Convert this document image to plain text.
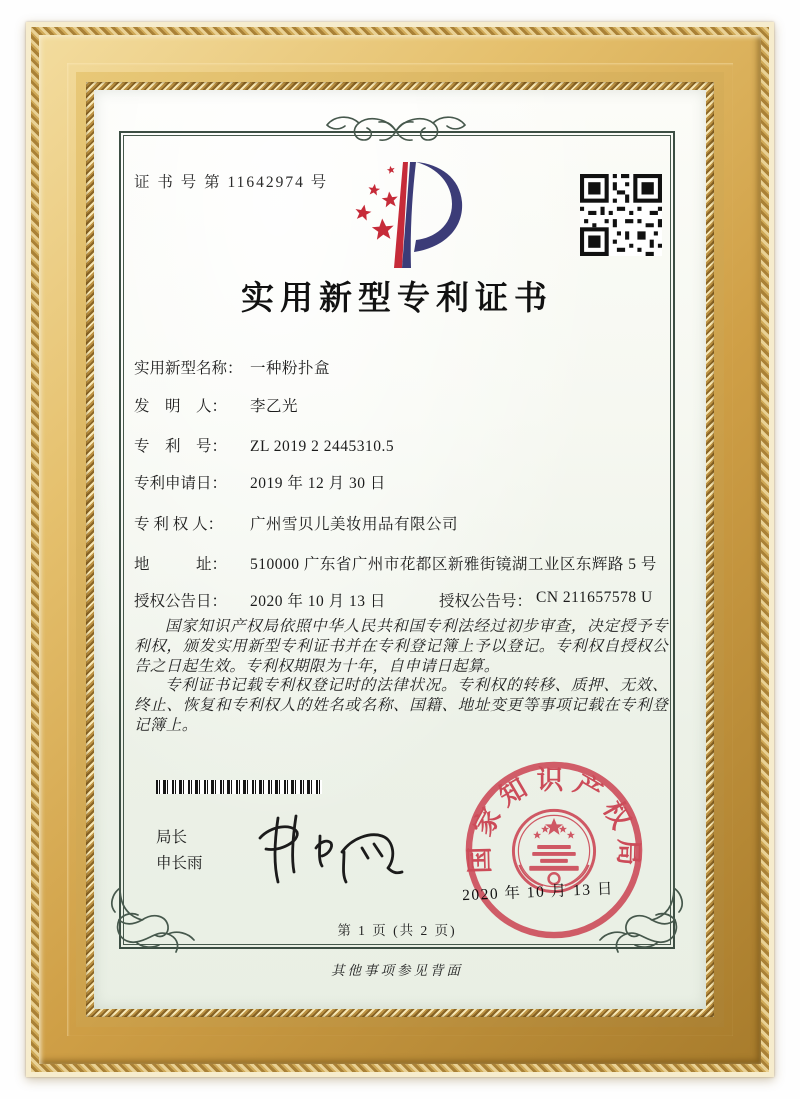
证 书 号 第 11642974 号
实用新型专利证书
实用新型名称： 一种粉扑盒
发　明　人： 李乙光
专　利　号： ZL 2019 2 2445310.5
专利申请日： 2019 年 12 月 30 日
专 利 权 人： 广州雪贝儿美妆用品有限公司
地　　　址： 510000 广东省广州市花都区新雅街镜湖工业区东辉路 5 号
授权公告日： 2020 年 10 月 13 日	授权公告号： CN 211657578 U

国家知识产权局依照中华人民共和国专利法经过初步审查，决定授予专利权，颁发实用新型专利证书并在专利登记簿上予以登记。专利权自授权公告之日起生效。专利权期限为十年，自申请日起算。

专利证书记载专利权登记时的法律状况。专利权的转移、质押、无效、终止、恢复和专利权人的姓名或名称、国籍、地址变更等事项记载在专利登记簿上。

局长
申长雨
2020 年 10 月 13 日
国家知识产权局
第 1 页 (共 2 页)
其他事项参见背面
